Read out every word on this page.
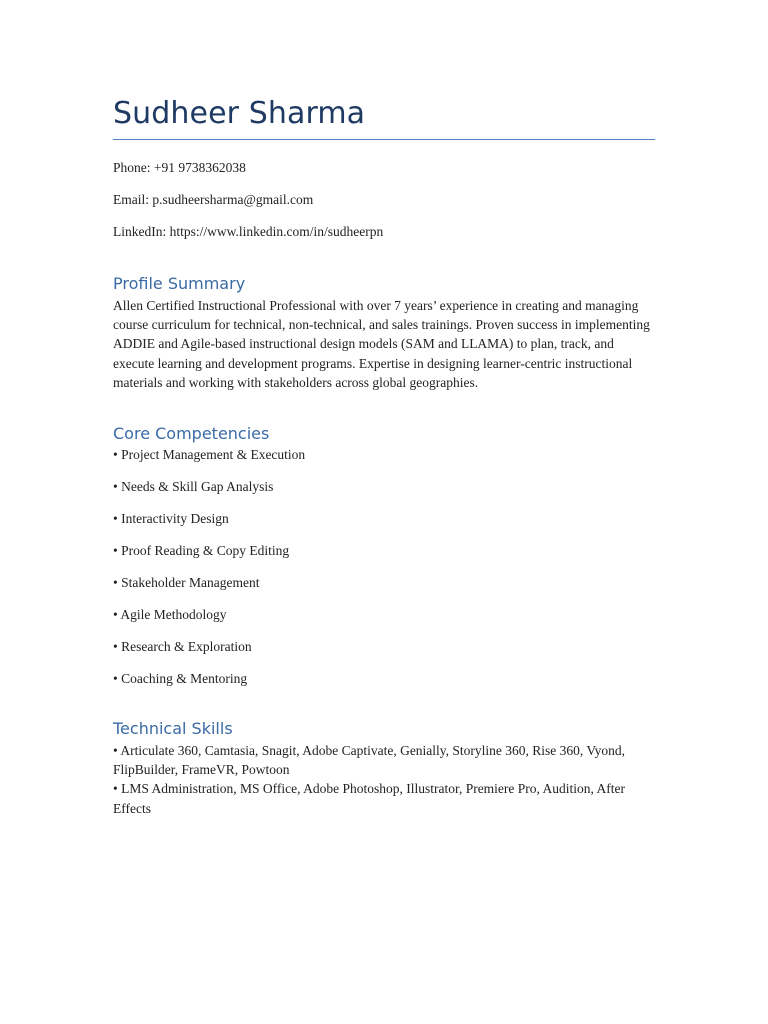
Sudheer Sharma

Phone: +91 9738362038

Email: p.sudheersharma@gmail.com

LinkedIn: https://www.linkedin.com/in/sudheerpn

Profile Summary

Allen Certified Instructional Professional with over 7 years’ experience in creating and managing course curriculum for technical, non-technical, and sales trainings. Proven success in implementing ADDIE and Agile-based instructional design models (SAM and LLAMA) to plan, track, and execute learning and development programs. Expertise in designing learner-centric instructional materials and working with stakeholders across global geographies.

Core Competencies
• Project Management & Execution
• Needs & Skill Gap Analysis
• Interactivity Design
• Proof Reading & Copy Editing
• Stakeholder Management
• Agile Methodology
• Research & Exploration
• Coaching & Mentoring
Technical Skills
• Articulate 360, Camtasia, Snagit, Adobe Captivate, Genially, Storyline 360, Rise 360, Vyond, FlipBuilder, FrameVR, Powtoon
• LMS Administration, MS Office, Adobe Photoshop, Illustrator, Premiere Pro, Audition, After Effects
